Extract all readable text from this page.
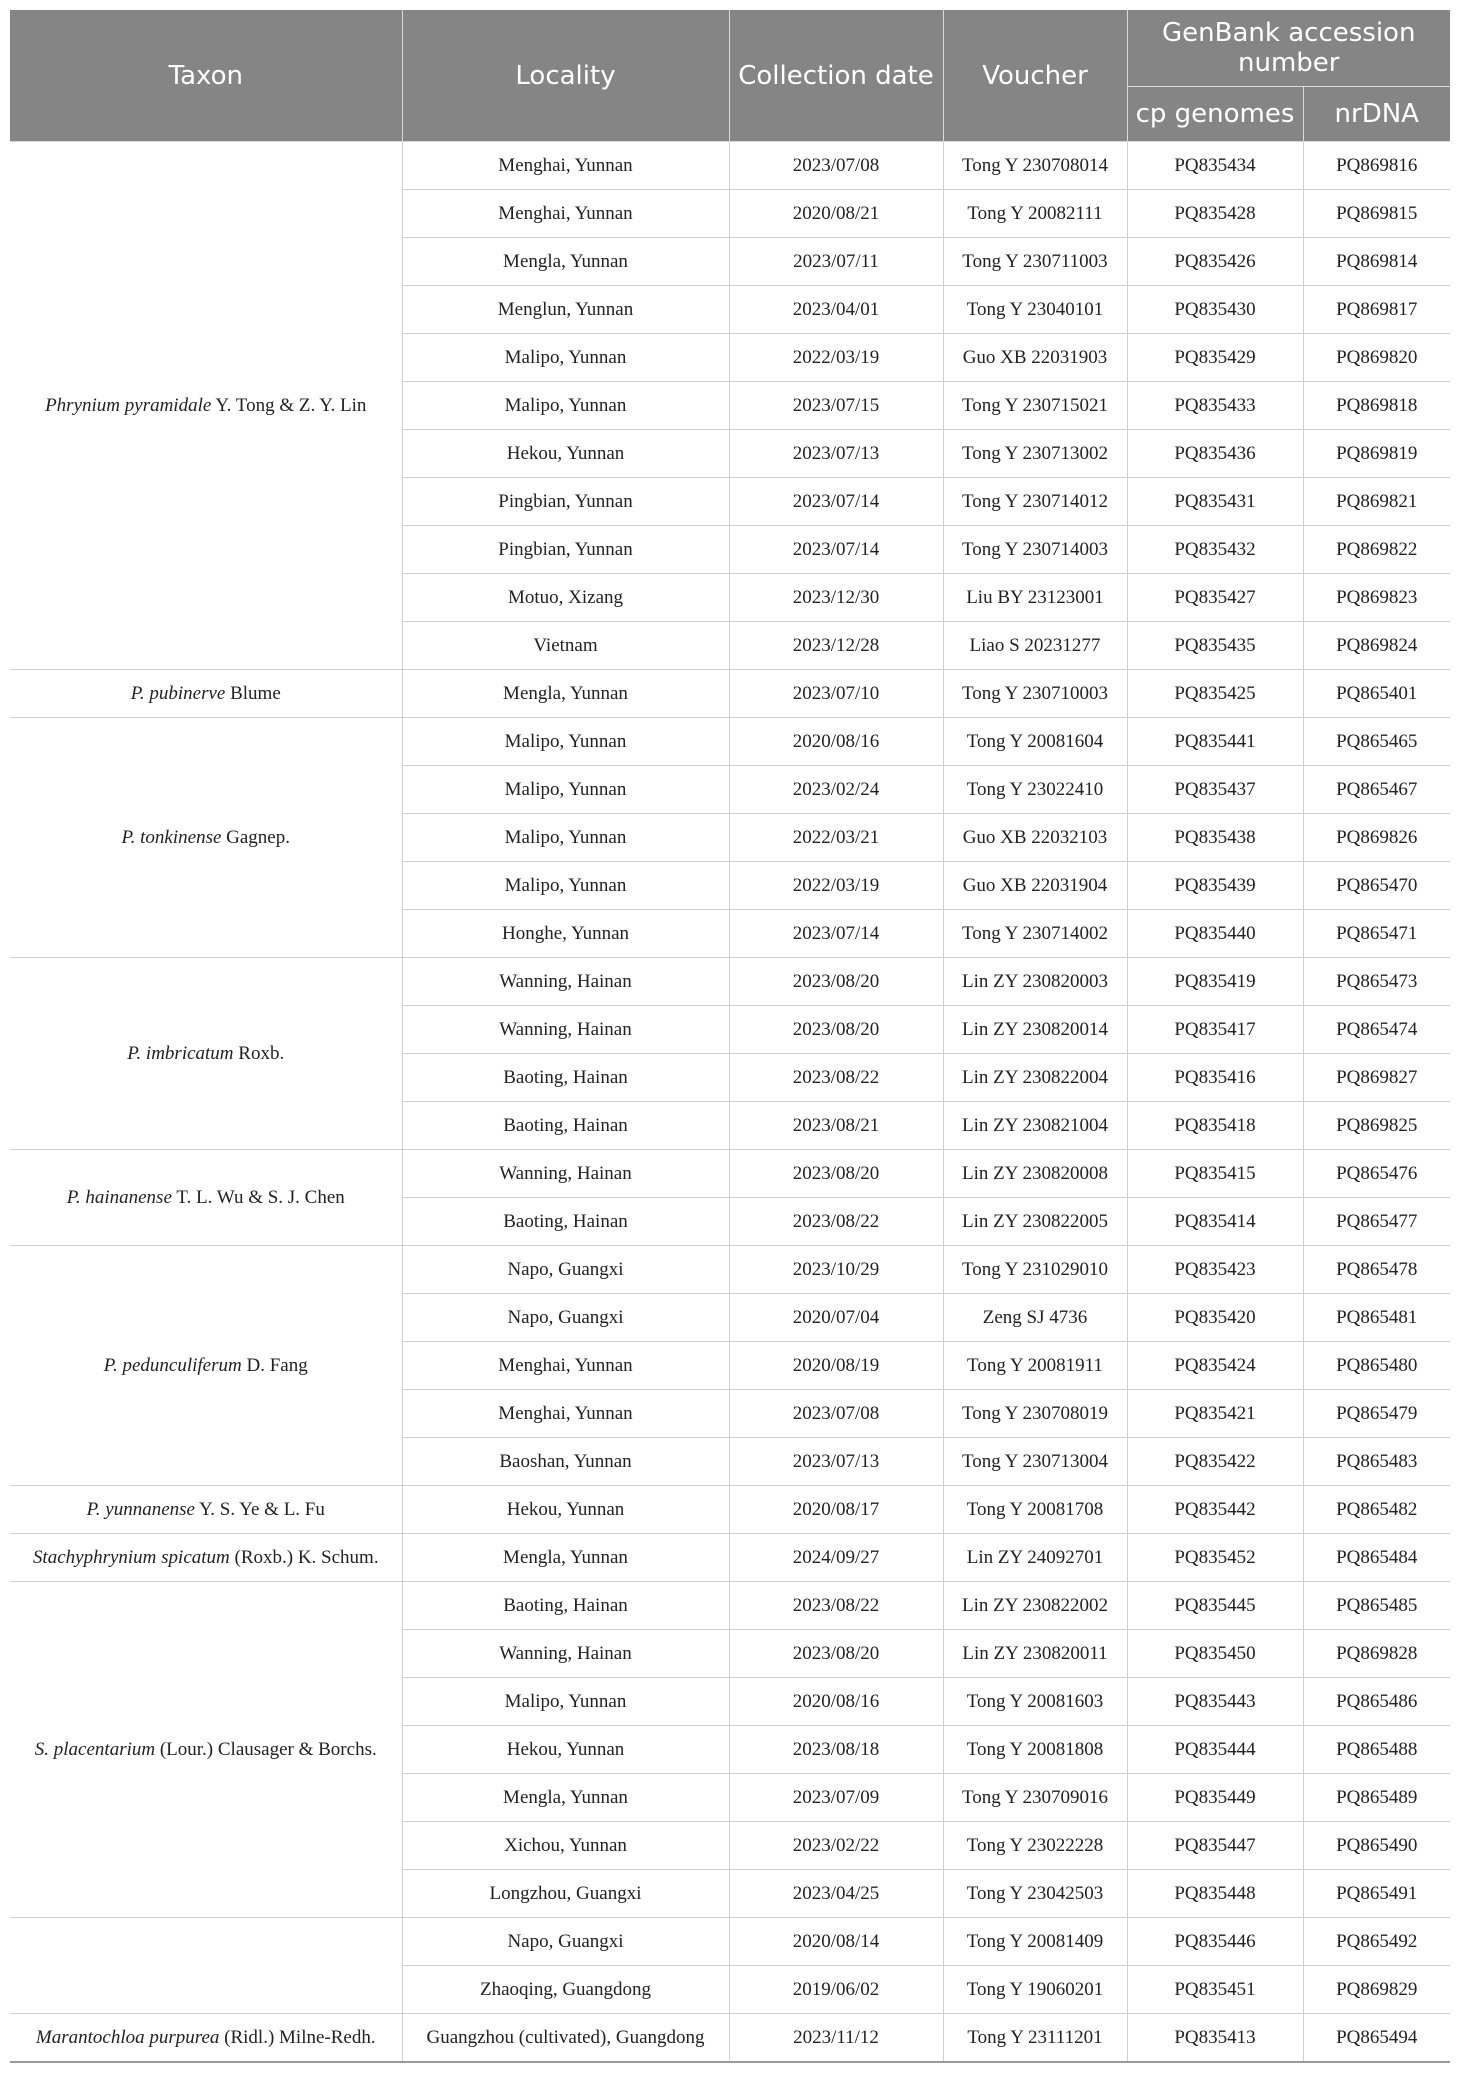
Taxon	Locality	Collection date	Voucher	GenBank accession number	
				cp genomes	nrDNA
Phrynium pyramidale Y. Tong & Z. Y. Lin	Menghai, Yunnan	2023/07/08	Tong Y 230708014	PQ835434	PQ869816
	Menghai, Yunnan	2020/08/21	Tong Y 20082111	PQ835428	PQ869815
	Mengla, Yunnan	2023/07/11	Tong Y 230711003	PQ835426	PQ869814
	Menglun, Yunnan	2023/04/01	Tong Y 23040101	PQ835430	PQ869817
	Malipo, Yunnan	2022/03/19	Guo XB 22031903	PQ835429	PQ869820
	Malipo, Yunnan	2023/07/15	Tong Y 230715021	PQ835433	PQ869818
	Hekou, Yunnan	2023/07/13	Tong Y 230713002	PQ835436	PQ869819
	Pingbian, Yunnan	2023/07/14	Tong Y 230714012	PQ835431	PQ869821
	Pingbian, Yunnan	2023/07/14	Tong Y 230714003	PQ835432	PQ869822
	Motuo, Xizang	2023/12/30	Liu BY 23123001	PQ835427	PQ869823
	Vietnam	2023/12/28	Liao S 20231277	PQ835435	PQ869824
P. pubinerve Blume	Mengla, Yunnan	2023/07/10	Tong Y 230710003	PQ835425	PQ865401
P. tonkinense Gagnep.	Malipo, Yunnan	2020/08/16	Tong Y 20081604	PQ835441	PQ865465
	Malipo, Yunnan	2023/02/24	Tong Y 23022410	PQ835437	PQ865467
	Malipo, Yunnan	2022/03/21	Guo XB 22032103	PQ835438	PQ869826
	Malipo, Yunnan	2022/03/19	Guo XB 22031904	PQ835439	PQ865470
	Honghe, Yunnan	2023/07/14	Tong Y 230714002	PQ835440	PQ865471
P. imbricatum Roxb.	Wanning, Hainan	2023/08/20	Lin ZY 230820003	PQ835419	PQ865473
	Wanning, Hainan	2023/08/20	Lin ZY 230820014	PQ835417	PQ865474
	Baoting, Hainan	2023/08/22	Lin ZY 230822004	PQ835416	PQ869827
	Baoting, Hainan	2023/08/21	Lin ZY 230821004	PQ835418	PQ869825
P. hainanense T. L. Wu & S. J. Chen	Wanning, Hainan	2023/08/20	Lin ZY 230820008	PQ835415	PQ865476
	Baoting, Hainan	2023/08/22	Lin ZY 230822005	PQ835414	PQ865477
P. pedunculiferum D. Fang	Napo, Guangxi	2023/10/29	Tong Y 231029010	PQ835423	PQ865478
	Napo, Guangxi	2020/07/04	Zeng SJ 4736	PQ835420	PQ865481
	Menghai, Yunnan	2020/08/19	Tong Y 20081911	PQ835424	PQ865480
	Menghai, Yunnan	2023/07/08	Tong Y 230708019	PQ835421	PQ865479
	Baoshan, Yunnan	2023/07/13	Tong Y 230713004	PQ835422	PQ865483
P. yunnanense Y. S. Ye & L. Fu	Hekou, Yunnan	2020/08/17	Tong Y 20081708	PQ835442	PQ865482
Stachyphrynium spicatum (Roxb.) K. Schum.	Mengla, Yunnan	2024/09/27	Lin ZY 24092701	PQ835452	PQ865484
S. placentarium (Lour.) Clausager & Borchs.	Baoting, Hainan	2023/08/22	Lin ZY 230822002	PQ835445	PQ865485
	Wanning, Hainan	2023/08/20	Lin ZY 230820011	PQ835450	PQ869828
	Malipo, Yunnan	2020/08/16	Tong Y 20081603	PQ835443	PQ865486
	Hekou, Yunnan	2023/08/18	Tong Y 20081808	PQ835444	PQ865488
	Mengla, Yunnan	2023/07/09	Tong Y 230709016	PQ835449	PQ865489
	Xichou, Yunnan	2023/02/22	Tong Y 23022228	PQ835447	PQ865490
	Longzhou, Guangxi	2023/04/25	Tong Y 23042503	PQ835448	PQ865491
	Napo, Guangxi	2020/08/14	Tong Y 20081409	PQ835446	PQ865492
	Zhaoqing, Guangdong	2019/06/02	Tong Y 19060201	PQ835451	PQ869829
Marantochloa purpurea (Ridl.) Milne-Redh.	Guangzhou (cultivated), Guangdong	2023/11/12	Tong Y 23111201	PQ835413	PQ865494
